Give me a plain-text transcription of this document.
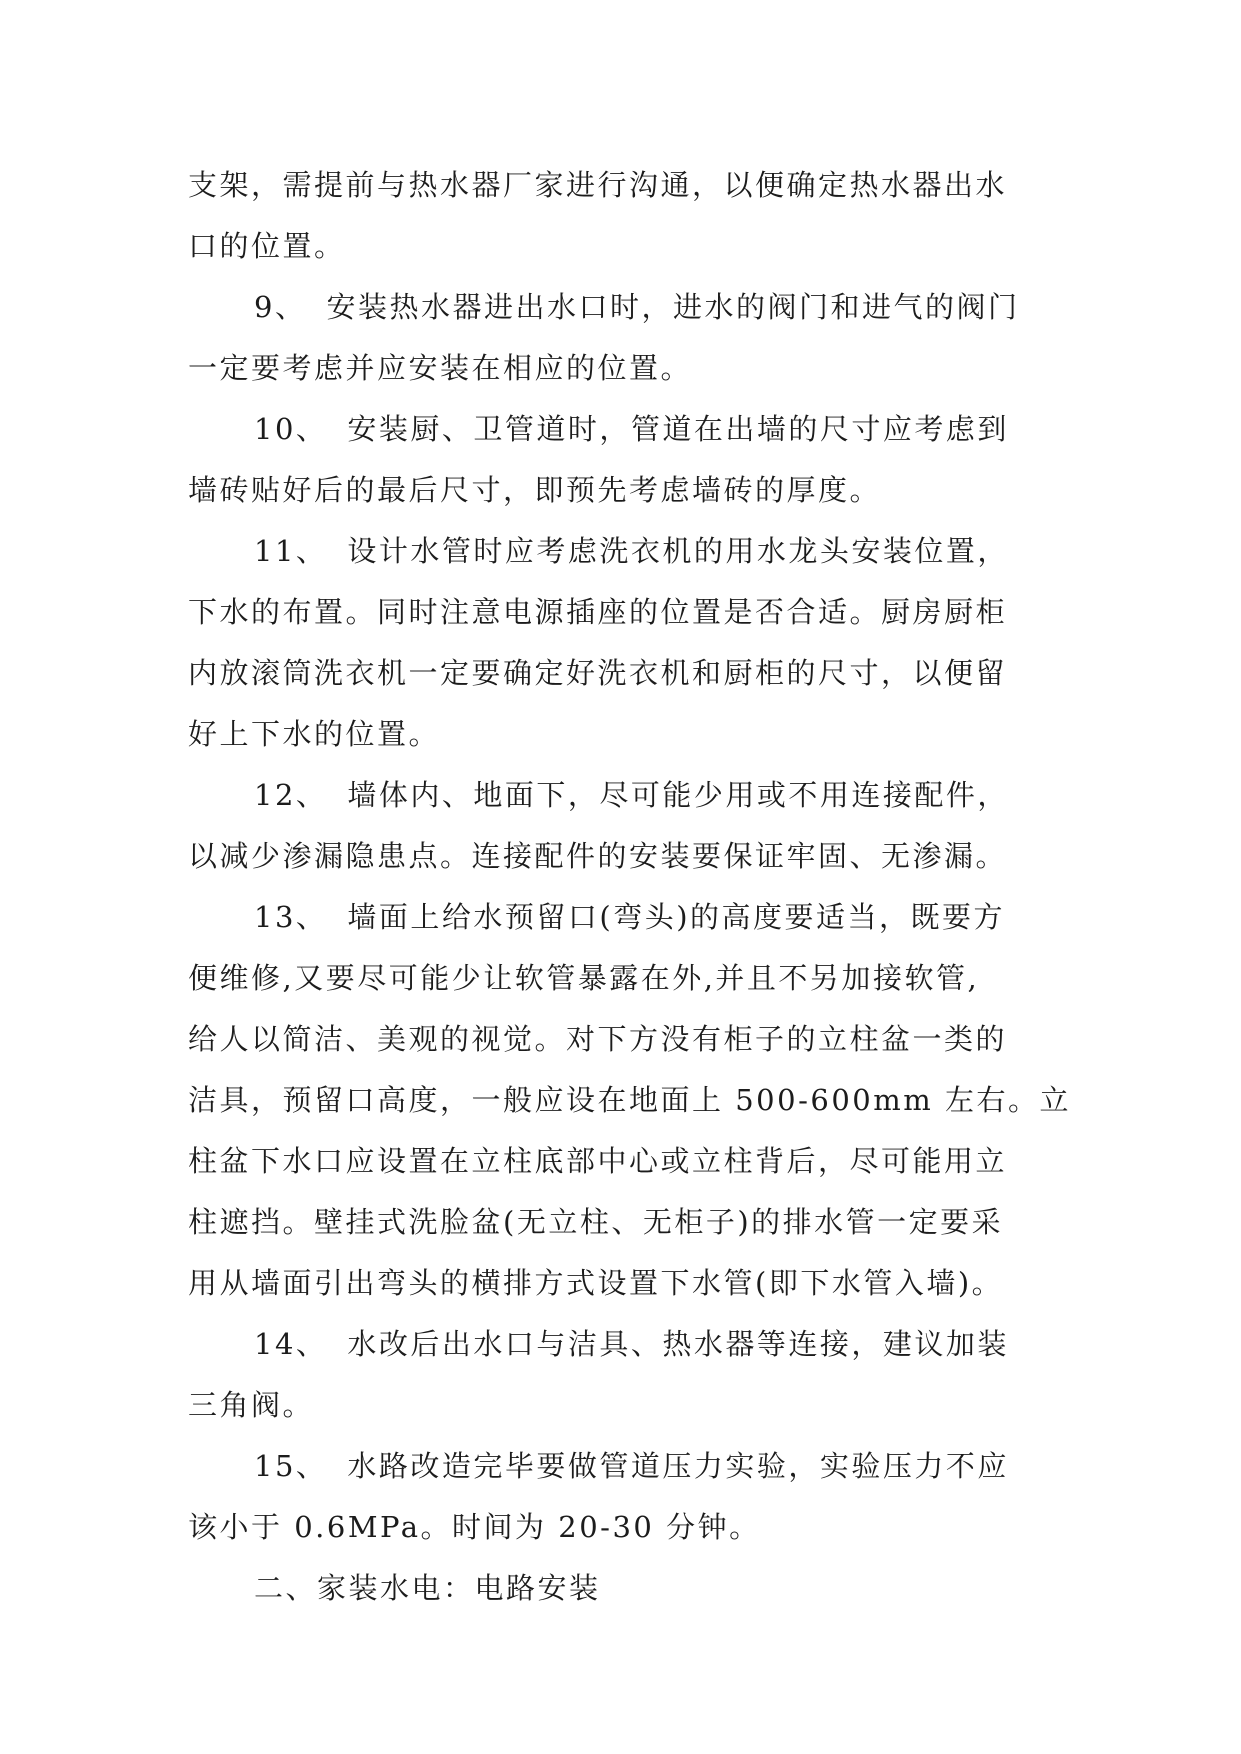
支架，需提前与热水器厂家进行沟通，以便确定热水器出水
口的位置。
9、 安装热水器进出水口时，进水的阀门和进气的阀门
一定要考虑并应安装在相应的位置。
10、 安装厨、卫管道时，管道在出墙的尺寸应考虑到
墙砖贴好后的最后尺寸，即预先考虑墙砖的厚度。
11、 设计水管时应考虑洗衣机的用水龙头安装位置，
下水的布置。同时注意电源插座的位置是否合适。厨房厨柜
内放滚筒洗衣机一定要确定好洗衣机和厨柜的尺寸，以便留
好上下水的位置。
12、 墙体内、地面下，尽可能少用或不用连接配件，
以减少渗漏隐患点。连接配件的安装要保证牢固、无渗漏。
13、 墙面上给水预留口(弯头)的高度要适当，既要方
便维修,又要尽可能少让软管暴露在外,并且不另加接软管,
给人以简洁、美观的视觉。对下方没有柜子的立柱盆一类的
洁具，预留口高度，一般应设在地面上 500-600mm 左右。立
柱盆下水口应设置在立柱底部中心或立柱背后，尽可能用立
柱遮挡。壁挂式洗脸盆(无立柱、无柜子)的排水管一定要采
用从墙面引出弯头的横排方式设置下水管(即下水管入墙)。
14、 水改后出水口与洁具、热水器等连接，建议加装
三角阀。
15、 水路改造完毕要做管道压力实验，实验压力不应
该小于 0.6MPa。时间为 20-30 分钟。
二、家装水电：电路安装
